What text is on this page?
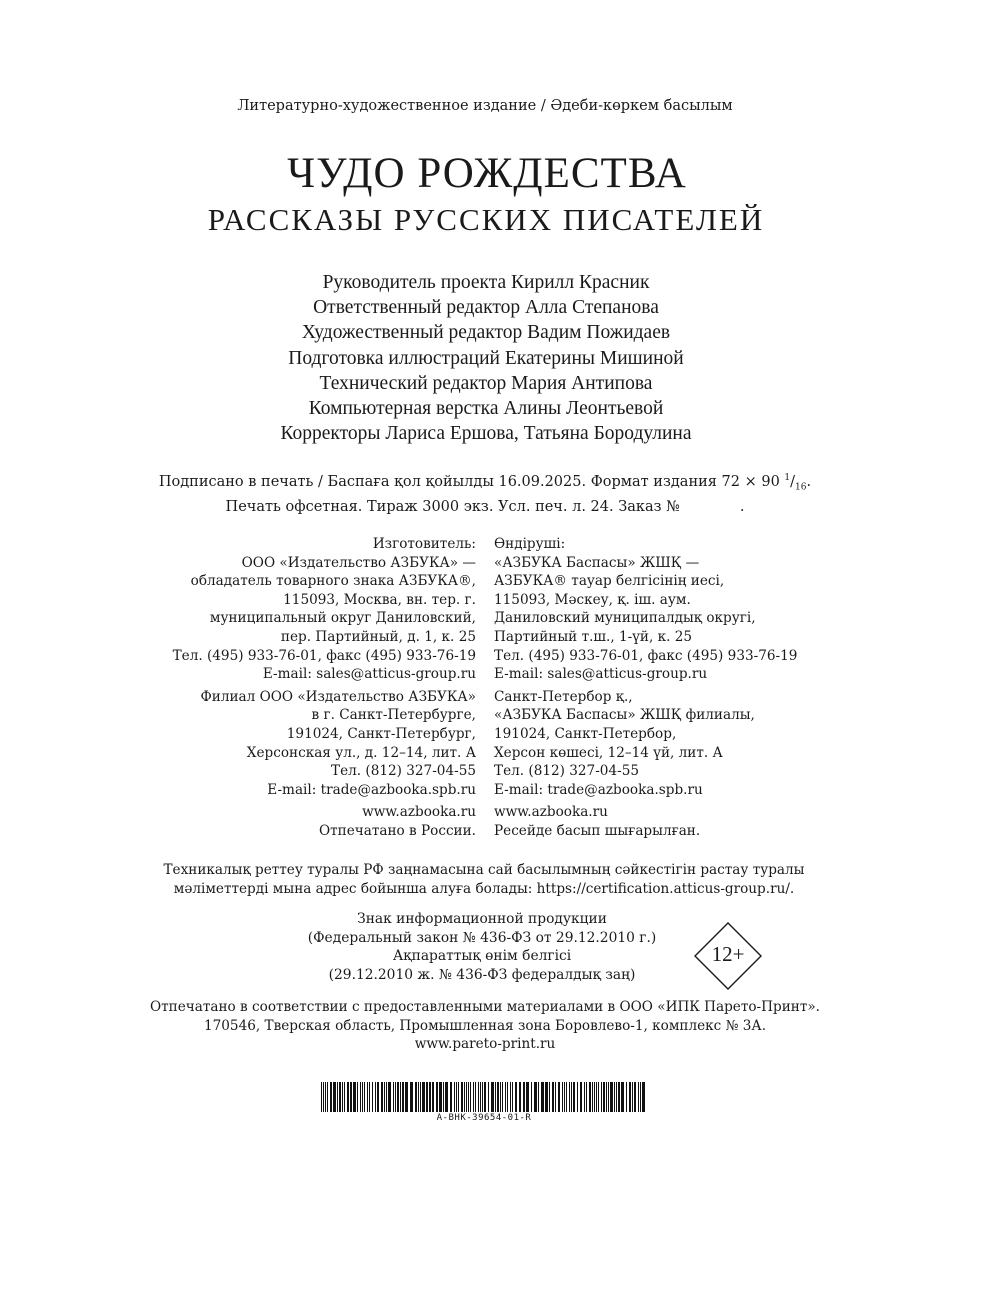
Литературно-художественное издание / Әдеби-көркем басылым
ЧУДО РОЖДЕСТВА
РАССКАЗЫ РУССКИХ ПИСАТЕЛЕЙ
Руководитель проекта Кирилл Красник
Ответственный редактор Алла Степанова
Художественный редактор Вадим Пожидаев
Подготовка иллюстраций Екатерины Мишиной
Технический редактор Мария Антипова
Компьютерная верстка Алины Леонтьевой
Корректоры Лариса Ершова, Татьяна Бородулина
Подписано в печать / Баспаға қол қойылды 16.09.2025. Формат издания 72 × 90 $^1/_{16}$.
Печать офсетная. Тираж 3000 экз. Усл. печ. л. 24. Заказ №	.
Изготовитель:
ООО «Издательство АЗБУКА» —
обладатель товарного знака АЗБУКА®,
115093, Москва, вн. тер. г.
муниципальный округ Даниловский,
пер. Партийный, д. 1, к. 25
Тел. (495) 933-76-01, факс (495) 933-76-19
E-mail: sales@atticus-group.ru
Филиал ООО «Издательство АЗБУКА»
в г. Санкт-Петербурге,
191024, Санкт-Петербург,
Херсонская ул., д. 12–14, лит. А
Тел. (812) 327-04-55
E-mail: trade@azbooka.spb.ru
www.azbooka.ru
Отпечатано в России.
Өндіруші:
«АЗБУКА Баспасы» ЖШҚ —
АЗБУКА® тауар белгісінің иесі,
115093, Мәскеу, қ. іш. аум.
Даниловский муниципалдық округі,
Партийный т.ш., 1-үй, к. 25
Тел. (495) 933-76-01, факс (495) 933-76-19
E-mail: sales@atticus-group.ru
Санкт-Петербор қ.,
«АЗБУКА Баспасы» ЖШҚ филиалы,
191024, Санкт-Петербор,
Херсон көшесі, 12–14 үй, лит. А
Тел. (812) 327-04-55
E-mail: trade@azbooka.spb.ru
www.azbooka.ru
Ресейде басып шығарылған.
Техникалық реттеу туралы РФ заңнамасына сай басылымның сәйкестігін растау туралы
мәліметтерді мына адрес бойынша алуға болады: https://certification.atticus-group.ru/.
Знак информационной продукции
(Федеральный закон № 436-ФЗ от 29.12.2010 г.)
Ақпараттық өнім белгісі
(29.12.2010 ж. № 436-ФЗ федералдық заң)
12+
Отпечатано в соответствии с предоставленными материалами в ООО «ИПК Парето-Принт».
170546, Тверская область, Промышленная зона Боровлево-1, комплекс № 3А.
www.pareto-print.ru
A-BHK-39654-01-R
